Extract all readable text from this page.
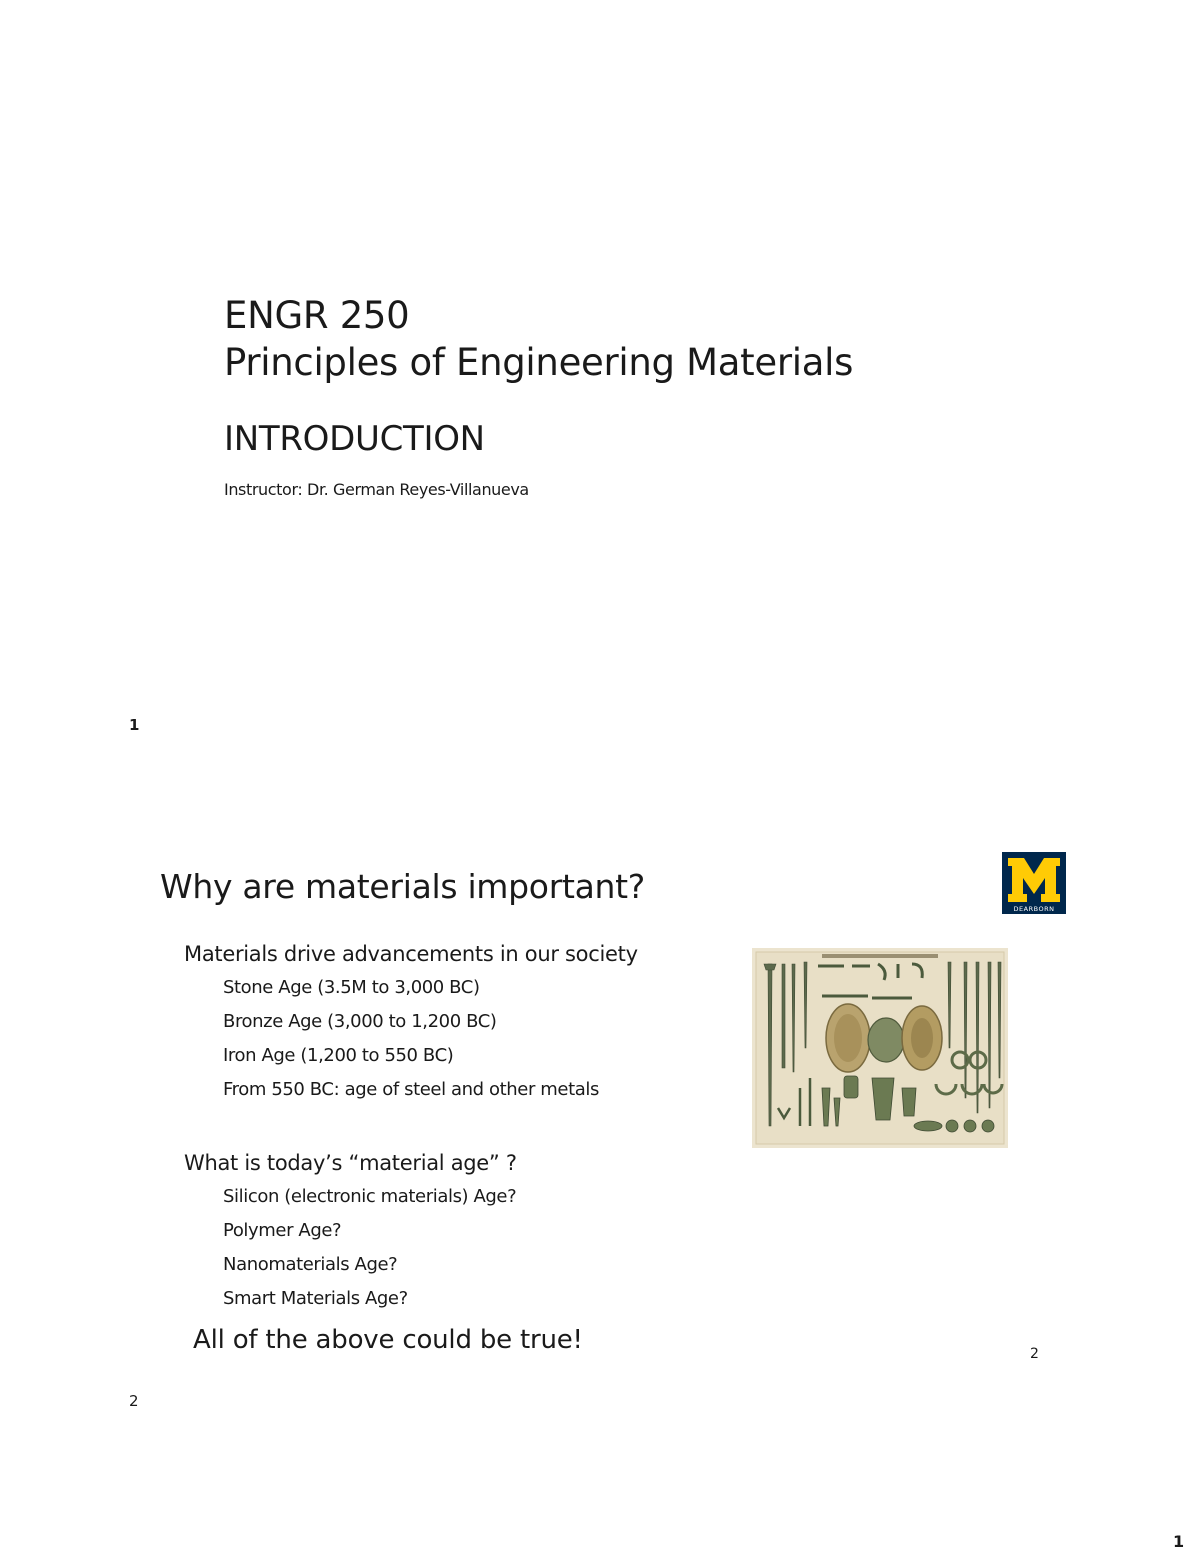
ENGR 250
Principles of Engineering Materials
INTRODUCTION
Instructor: Dr. German Reyes-Villanueva
1
Why are materials important?
DEARBORN
Materials drive advancements in our society
Stone Age (3.5M to 3,000 BC)
Bronze Age (3,000 to 1,200 BC)
Iron Age (1,200 to 550 BC)
From 550 BC: age of steel and other metals
What is today’s “material age” ?
Silicon (electronic materials) Age?
Polymer Age?
Nanomaterials Age?
Smart Materials Age?
All of the above could be true!	2
2
1
